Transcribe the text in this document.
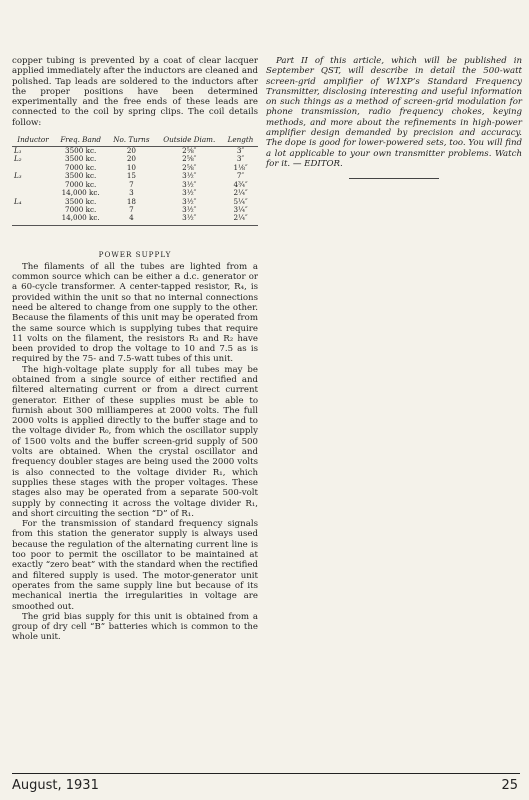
copper tubing is prevented by a coat of clear lacquer applied immediately after the inductors are cleaned and polished. Tap leads are soldered to the inductors after the proper positions have been determined experimentally and the free ends of these leads are connected to the coil by spring clips. The coil details follow:

Inductor	Freq. Band	No. Turns	Outside Diam.	Length
L₁	3500 kc.	20	2⅝″	3″
L₂	3500 kc.	20	2⅝″	3″
	7000 kc.	10	2⅝″	1⅛″
L₃	3500 kc.	15	3½″	7″
	7000 kc.	7	3½″	4¾″
	14,000 kc.	3	3½″	2¼″
L₄	3500 kc.	18	3½″	5¼″
	7000 kc.	7	3½″	3¼″
	14,000 kc.	4	3½″	2¼″
POWER SUPPLY

The filaments of all the tubes are lighted from a common source which can be either a d.c. generator or a 60-cycle transformer. A center-tapped resistor, R₄, is provided within the unit so that no internal connections need be altered to change from one supply to the other. Because the filaments of this unit may be operated from the same source which is supplying tubes that require 11 volts on the filament, the resistors R₃ and R₂ have been provided to drop the voltage to 10 and 7.5 as is required by the 75- and 7.5-watt tubes of this unit.

The high-voltage plate supply for all tubes may be obtained from a single source of either rectified and filtered alternating current or from a direct current generator. Either of these supplies must be able to furnish about 300 milliamperes at 2000 volts. The full 2000 volts is applied directly to the buffer stage and to the voltage divider R₀, from which the oscillator supply of 1500 volts and the buffer screen-grid supply of 500 volts are obtained. When the crystal oscillator and frequency doubler stages are being used the 2000 volts is also connected to the voltage divider R₁, which supplies these stages with the proper voltages. These stages also may be operated from a separate 500-volt supply by connecting it across the voltage divider R₁, and short circuiting the section “D” of R₁.

For the transmission of standard frequency signals from this station the generator supply is always used because the regulation of the alternating current line is too poor to permit the oscillator to be maintained at exactly “zero beat” with the standard when the rectified and filtered supply is used. The motor-generator unit operates from the same supply line but because of its mechanical inertia the irregularities in voltage are smoothed out.

The grid bias supply for this unit is obtained from a group of dry cell “B” batteries which is common to the whole unit.

Part II of this article, which will be published in September QST, will describe in detail the 500-watt screen-grid amplifier of W1XP’s Standard Frequency Transmitter, disclosing interesting and useful information on such things as a method of screen-grid modulation for phone transmission, radio frequency chokes, keying methods, and more about the refinements in high-power amplifier design demanded by precision and accuracy. The dope is good for lower-powered sets, too. You will find a lot applicable to your own transmitter problems. Watch for it. — EDITOR.

August, 1931	25
